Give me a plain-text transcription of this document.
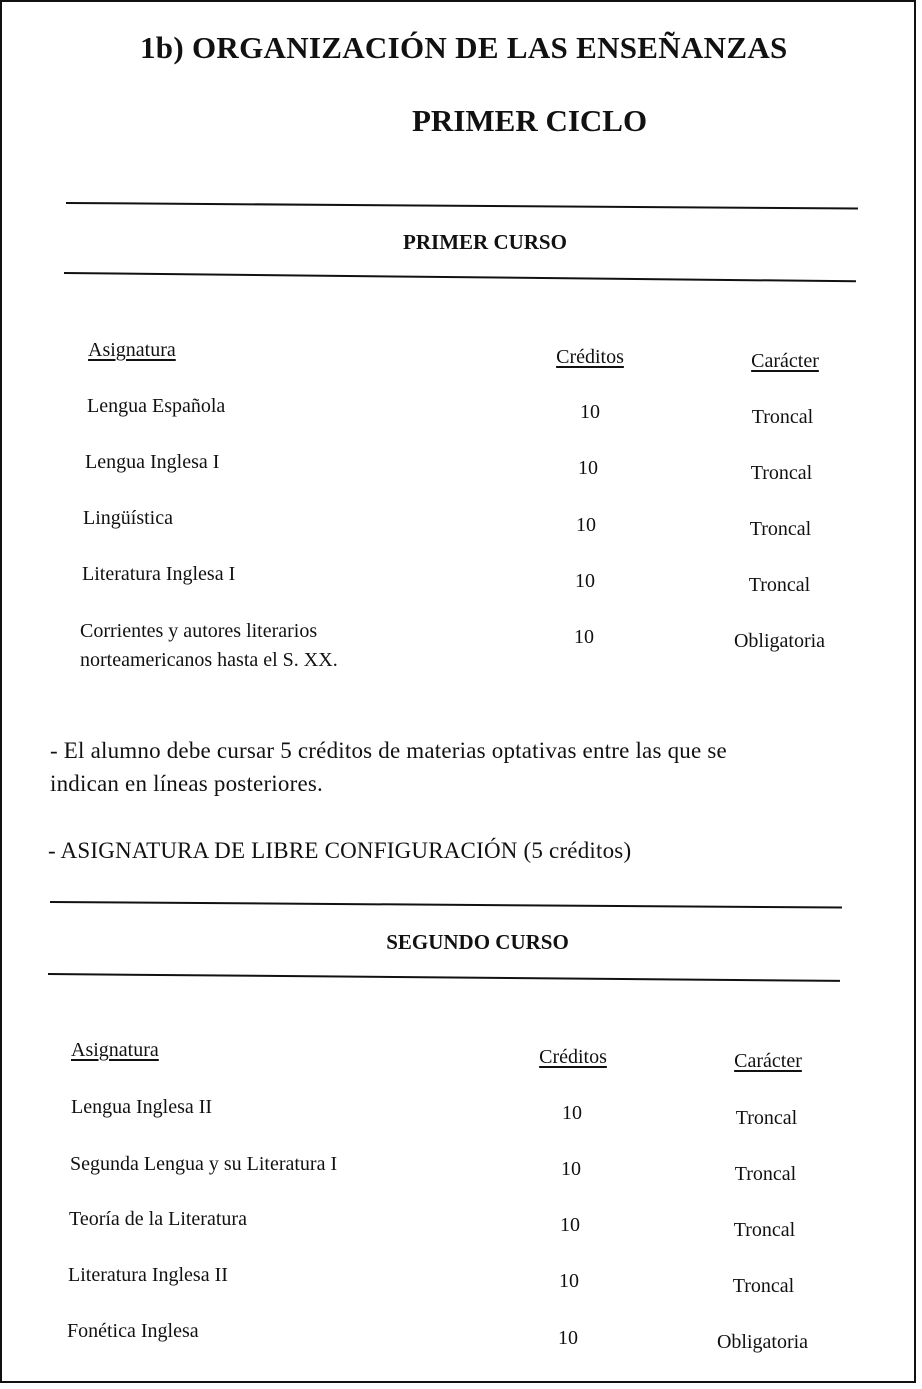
1b) ORGANIZACIÓN DE LAS ENSEÑANZAS
PRIMER CICLO
PRIMER CURSO
Asignatura	Créditos	Carácter
Lengua Española	10	Troncal
Lengua Inglesa I	10	Troncal
Lingüística	10	Troncal
Literatura Inglesa I	10	Troncal
Corrientes y autores literarios
norteamericanos hasta el S. XX.
10	Obligatoria
- El alumno debe cursar 5 créditos de materias optativas entre las que se
indican en líneas posteriores.
- ASIGNATURA DE LIBRE CONFIGURACIÓN (5 créditos)
SEGUNDO CURSO
Asignatura	Créditos	Carácter
Lengua Inglesa II	10	Troncal
Segunda Lengua y su Literatura I	10	Troncal
Teoría de la Literatura	10	Troncal
Literatura Inglesa II	10	Troncal
Fonética Inglesa	10	Obligatoria
